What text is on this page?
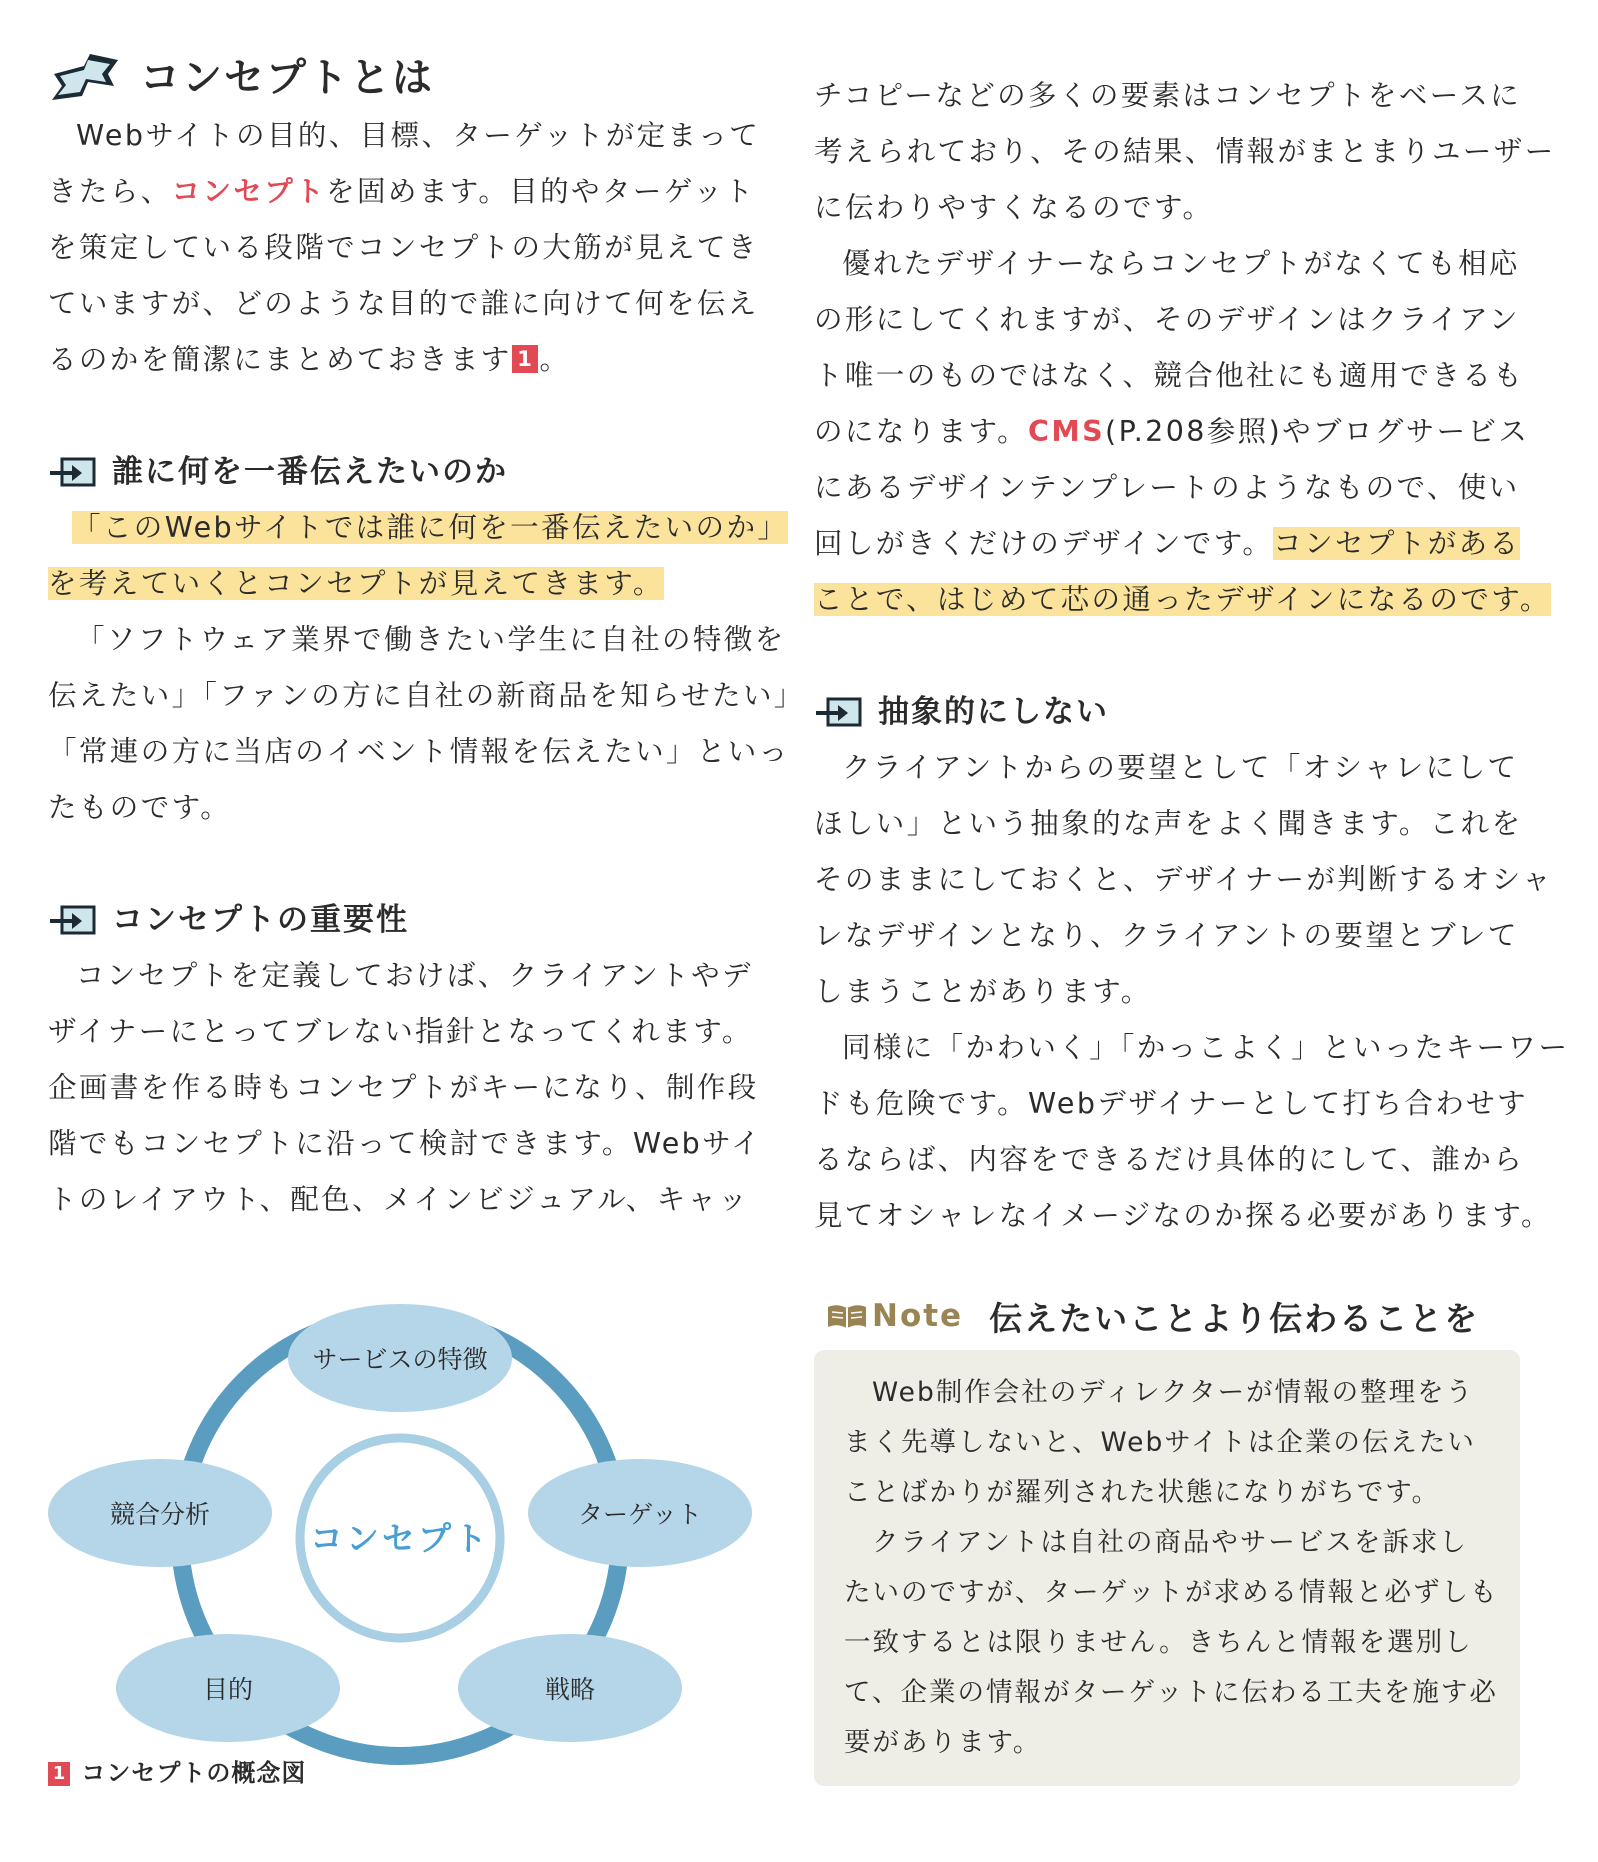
コンセプトとは
Webサイトの目的、目標、ターゲットが定まって
きたら、コンセプトを固めます。目的やターゲット
を策定している段階でコンセプトの大筋が見えてき
ていますが、どのような目的で誰に向けて何を伝え
るのかを簡潔にまとめておきます 1 。
誰に何を一番伝えたいのか
「このWebサイトでは誰に何を一番伝えたいのか」
を考えていくとコンセプトが見えてきます。
「ソフトウェア業界で働きたい学生に自社の特徴を
伝えたい」「ファンの方に自社の新商品を知らせたい」
「常連の方に当店のイベント情報を伝えたい」といっ
たものです。
コンセプトの重要性
コンセプトを定義しておけば、クライアントやデ
ザイナーにとってブレない指針となってくれます。
企画書を作る時もコンセプトがキーになり、制作段
階でもコンセプトに沿って検討できます。Webサイ
トのレイアウト、配色、メインビジュアル、キャッ
チコピーなどの多くの要素はコンセプトをベースに
考えられており、その結果、情報がまとまりユーザー
に伝わりやすくなるのです。
優れたデザイナーならコンセプトがなくても相応
の形にしてくれますが、そのデザインはクライアン
ト唯一のものではなく、競合他社にも適用できるも
のになります。CMS(P.208参照)やブログサービス
にあるデザインテンプレートのようなもので、使い
回しがきくだけのデザインです。コンセプトがある
ことで、はじめて芯の通ったデザインになるのです。
抽象的にしない
クライアントからの要望として「オシャレにして
ほしい」という抽象的な声をよく聞きます。これを
そのままにしておくと、デザイナーが判断するオシャ
レなデザインとなり、クライアントの要望とブレて
しまうことがあります。
同様に「かわいく」「かっこよく」といったキーワー
ドも危険です。Webデザイナーとして打ち合わせす
るならば、内容をできるだけ具体的にして、誰から
見てオシャレなイメージなのか探る必要があります。
コンセプト
サービスの特徴
ターゲット
戦略
目的
競合分析
1 コンセプトの概念図
Note 伝えたいことより伝わることを
Web制作会社のディレクターが情報の整理をう
まく先導しないと、Webサイトは企業の伝えたい
ことばかりが羅列された状態になりがちです。
クライアントは自社の商品やサービスを訴求し
たいのですが、ターゲットが求める情報と必ずしも
一致するとは限りません。きちんと情報を選別し
て、企業の情報がターゲットに伝わる工夫を施す必
要があります。
